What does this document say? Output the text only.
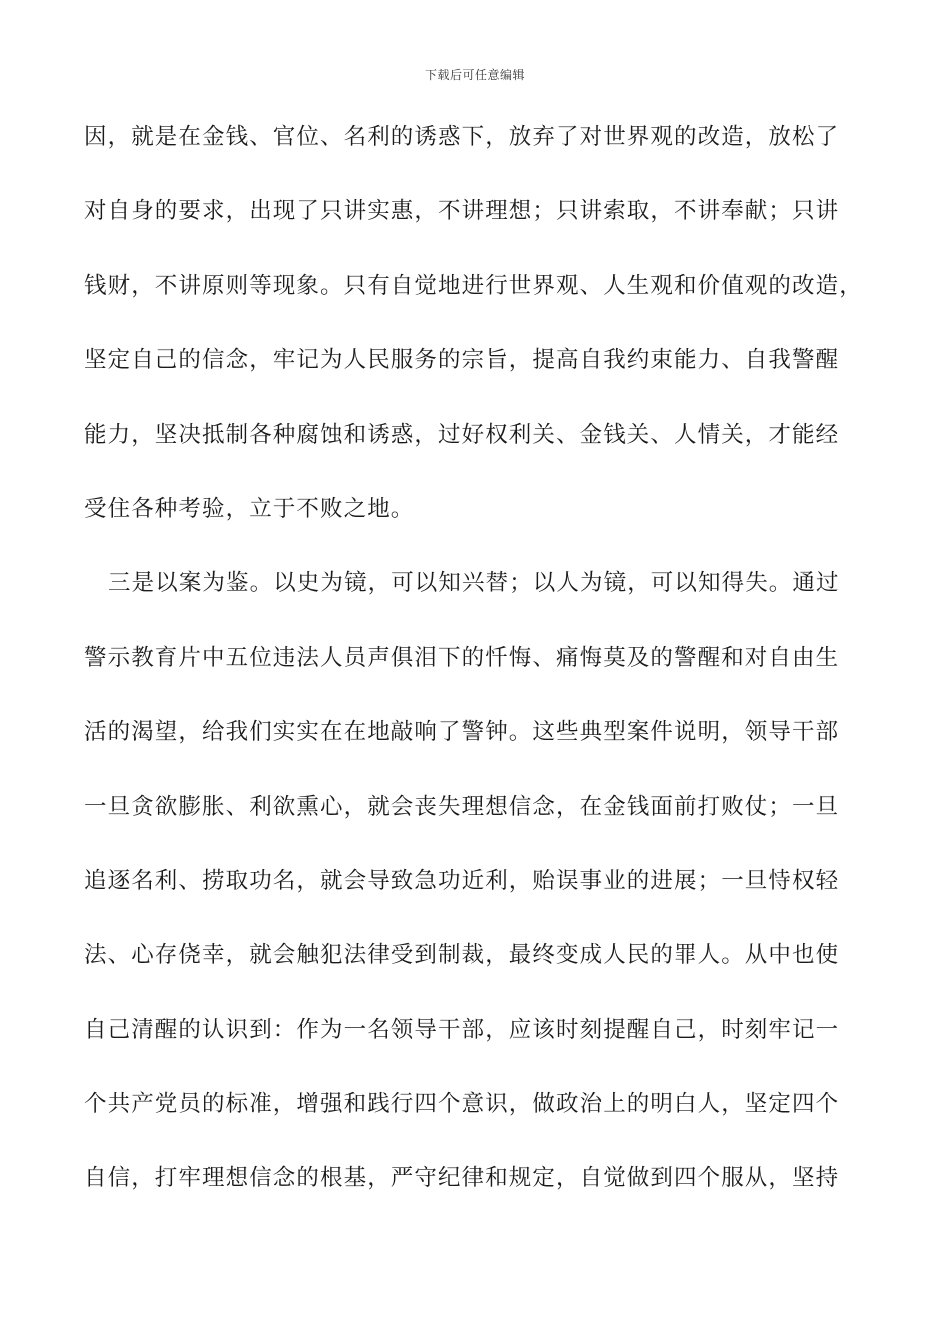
下载后可任意编辑
因，就是在金钱、官位、名利的诱惑下，放弃了对世界观的改造，放松了
对自身的要求，出现了只讲实惠，不讲理想；只讲索取，不讲奉献；只讲
钱财，不讲原则等现象。只有自觉地进行世界观、人生观和价值观的改造，
坚定自己的信念，牢记为人民服务的宗旨，提高自我约束能力、自我警醒
能力，坚决抵制各种腐蚀和诱惑，过好权利关、金钱关、人情关，才能经
受住各种考验，立于不败之地。
三是以案为鉴。以史为镜，可以知兴替；以人为镜，可以知得失。通过
警示教育片中五位违法人员声俱泪下的忏悔、痛悔莫及的警醒和对自由生
活的渴望，给我们实实在在地敲响了警钟。这些典型案件说明，领导干部
一旦贪欲膨胀、利欲熏心，就会丧失理想信念，在金钱面前打败仗；一旦
追逐名利、捞取功名，就会导致急功近利，贻误事业的进展；一旦恃权轻
法、心存侥幸，就会触犯法律受到制裁，最终变成人民的罪人。从中也使
自己清醒的认识到：作为一名领导干部，应该时刻提醒自己，时刻牢记一
个共产党员的标准，增强和践行四个意识，做政治上的明白人，坚定四个
自信，打牢理想信念的根基，严守纪律和规定，自觉做到四个服从，坚持
